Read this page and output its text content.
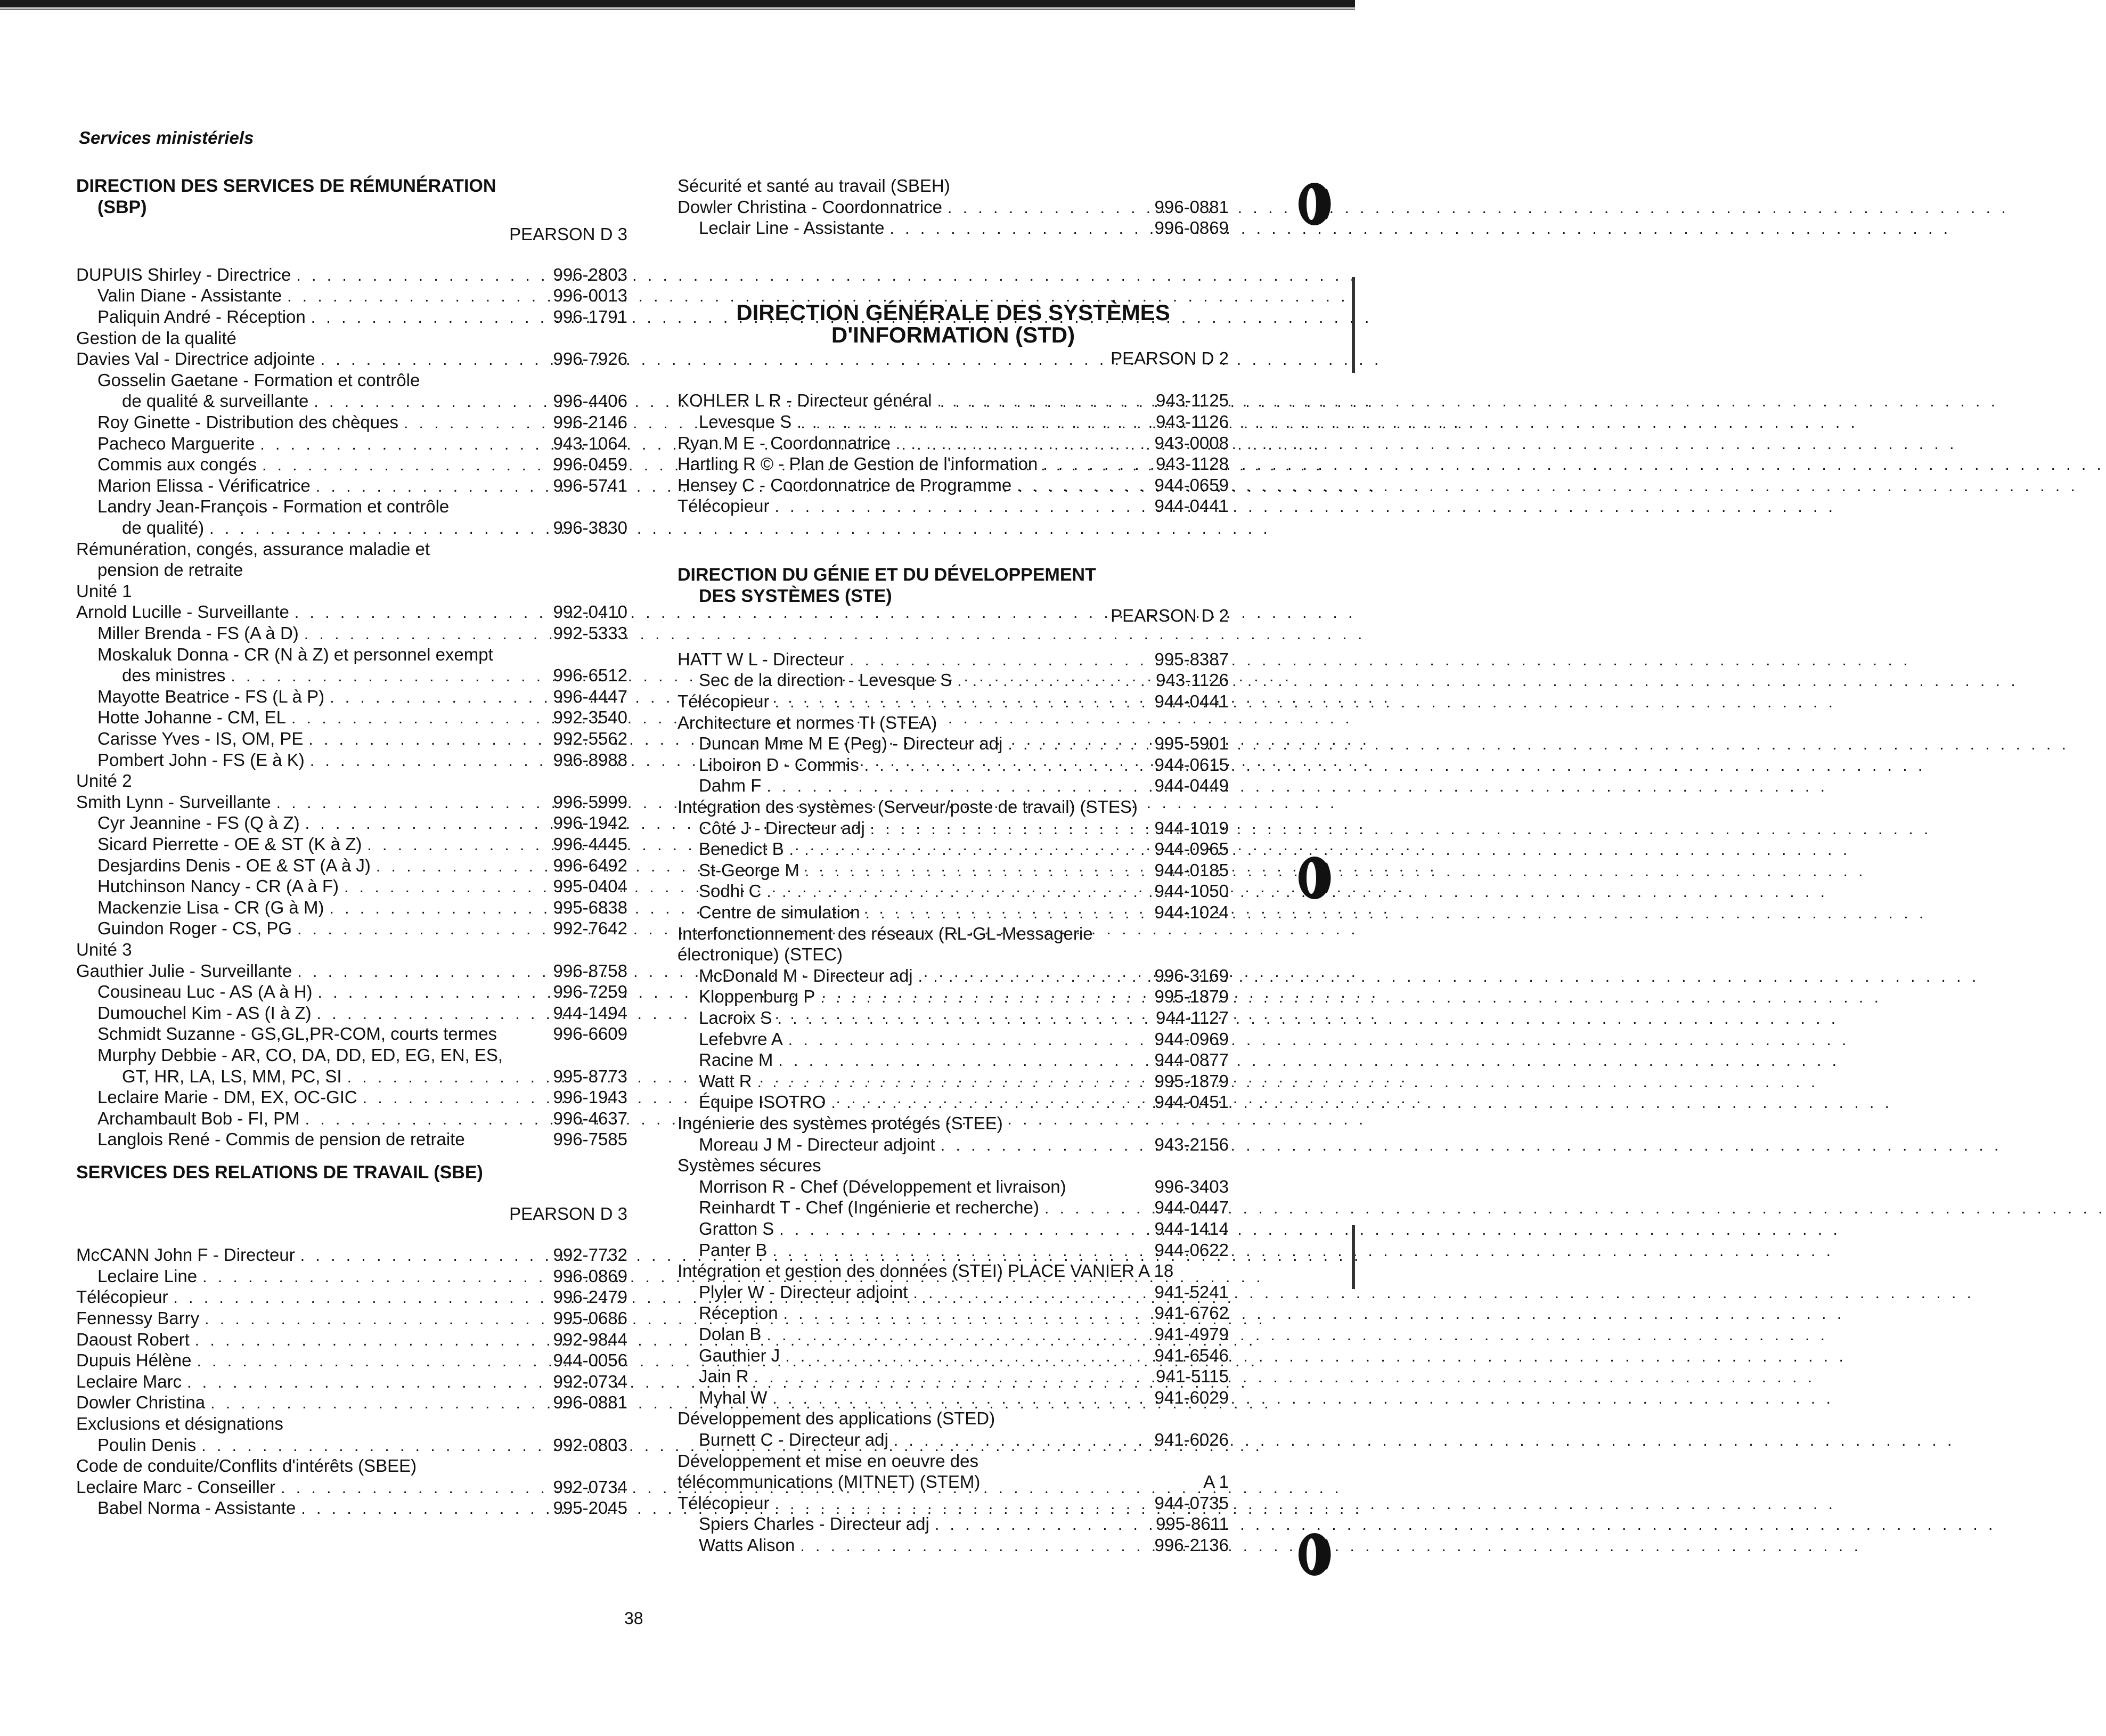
Services ministériels
DIRECTION DES SERVICES DE RÉMUNÉRATION
(SBP)
PEARSON D 3
DUPUIS Shirley - Directrice . . .	996-2803
Valin Diane - Assistante . . .	996-0013
Paliquin André - Réception . . .	996-1791
Gestion de la qualité
Davies Val - Directrice adjointe . . .	996-7926
Gosselin Gaetane - Formation et contrôle
de qualité & surveillante . . .	996-4406
Roy Ginette - Distribution des chèques . . .	996-2146
Pacheco Marguerite . . .	943-1064
Commis aux congés . . .	996-0459
Marion Elissa - Vérificatrice . . .	996-5741
Landry Jean-François - Formation et contrôle
de qualité) . . .	996-3830
Rémunération, congés, assurance maladie et
pension de retraite
Unité 1
Arnold Lucille - Surveillante . . .	992-0410
Miller Brenda - FS (A à D) . . .	992-5333
Moskaluk Donna - CR (N à Z) et personnel exempt
des ministres . . .	996-6512
Mayotte Beatrice - FS (L à P) . . .	996-4447
Hotte Johanne - CM, EL . . .	992-3540
Carisse Yves - IS, OM, PE . . .	992-5562
Pombert John - FS (E à K) . . .	996-8988
Unité 2
Smith Lynn - Surveillante . . .	996-5999
Cyr Jeannine - FS (Q à Z) . . .	996-1942
Sicard Pierrette - OE & ST (K à Z) . . .	996-4445
Desjardins Denis - OE & ST (A à J) . . .	996-6492
Hutchinson Nancy - CR (A à F) . . .	995-0404
Mackenzie Lisa - CR (G à M) . . .	995-6838
Guindon Roger - CS, PG . . .	992-7642
Unité 3
Gauthier Julie - Surveillante . . .	996-8758
Cousineau Luc - AS (A à H) . . .	996-7259
Dumouchel Kim - AS (I à Z) . . .	944-1494
Schmidt Suzanne - GS,GL,PR-COM, courts termes	996-6609
Murphy Debbie - AR, CO, DA, DD, ED, EG, EN, ES,
GT, HR, LA, LS, MM, PC, SI . . .	995-8773
Leclaire Marie - DM, EX, OC-GIC . . .	996-1943
Archambault Bob - FI, PM . . .	996-4637
Langlois René - Commis de pension de retraite	996-7585
SERVICES DES RELATIONS DE TRAVAIL (SBE)
PEARSON D 3
McCANN John F - Directeur . . .	992-7732
Leclaire Line . . .	996-0869
Télécopieur . . .	996-2479
Fennessy Barry . . .	995-0686
Daoust Robert . . .	992-9844
Dupuis Hélène . . .	944-0056
Leclaire Marc . . .	992-0734
Dowler Christina . . .	996-0881
Exclusions et désignations
Poulin Denis . . .	992-0803
Code de conduite/Conflits d'intérêts (SBEE)
Leclaire Marc - Conseiller . . .	992-0734
Babel Norma - Assistante . . .	995-2045
Sécurité et santé au travail (SBEH)
Dowler Christina - Coordonnatrice . . .	996-0881
Leclair Line - Assistante . . .	996-0869
DIRECTION GÉNÉRALE DES SYSTÈMES
D'INFORMATION (STD)
PEARSON D 2
KOHLER L R - Directeur général . . .	943-1125
Levesque S . . .	943-1126
Ryan M E - Coordonnatrice . . .	943-0008
Hartling R © - Plan de Gestion de l'information . . .	943-1128
Hensey C - Coordonnatrice de Programme . . .	944-0659
Télécopieur . . .	944-0441
DIRECTION DU GÉNIE ET DU DÉVELOPPEMENT
DES SYSTÈMES (STE)
PEARSON D 2
HATT W L - Directeur . . .	995-8387
Sec de la direction - Levesque S . . .	943-1126
Télécopieur . . .	944-0441
Architecture et normes TI (STEA)
Duncan Mme M E (Peg) - Directeur adj . . .	995-5901
Liboiron D - Commis . . .	944-0615
Dahm F . . .	944-0449
Intégration des systèmes (Serveur/poste de travail) (STES)
Côté J - Directeur adj . . .	944-1019
Benedict B . . .	944-0965
St-George M . . .	944-0185
Sodhi C . . .	944-1050
Centre de simulation . . .	944-1024
Interfonctionnement des réseaux (RL-GL-Messagerie
électronique) (STEC)
McDonald M - Directeur adj . . .	996-3169
Kloppenburg P . . .	995-1879
Lacroix S . . .	944-1127
Lefebvre A . . .	944-0969
Racine M . . .	944-0877
Watt R . . .	995-1879
Équipe ISOTRO . . .	944-0451
Ingénierie des systèmes protégés (STEE)
Moreau J M - Directeur adjoint . . .	943-2156
Systèmes sécures
Morrison R - Chef (Développement et livraison)	996-3403
Reinhardt T - Chef (Ingénierie et recherche) . . .	944-0447
Gratton S . . .	944-1414
Panter B . . .	944-0622
Intégration et gestion des données (STEI) PLACE VANIER A 18
Plyler W - Directeur adjoint . . .	941-5241
Réception . . .	941-6762
Dolan B . . .	941-4979
Gauthier J . . .	941-6546
Jain R . . .	941-5115
Myhal W . . .	941-6029
Développement des applications (STED)
Burnett C - Directeur adj . . .	941-6026
Développement et mise en oeuvre des
télécommunications (MITNET) (STEM)	A 1
Télécopieur . . .	944-0735
Spiers Charles - Directeur adj . . .	995-8611
Watts Alison . . .	996-2136
38
